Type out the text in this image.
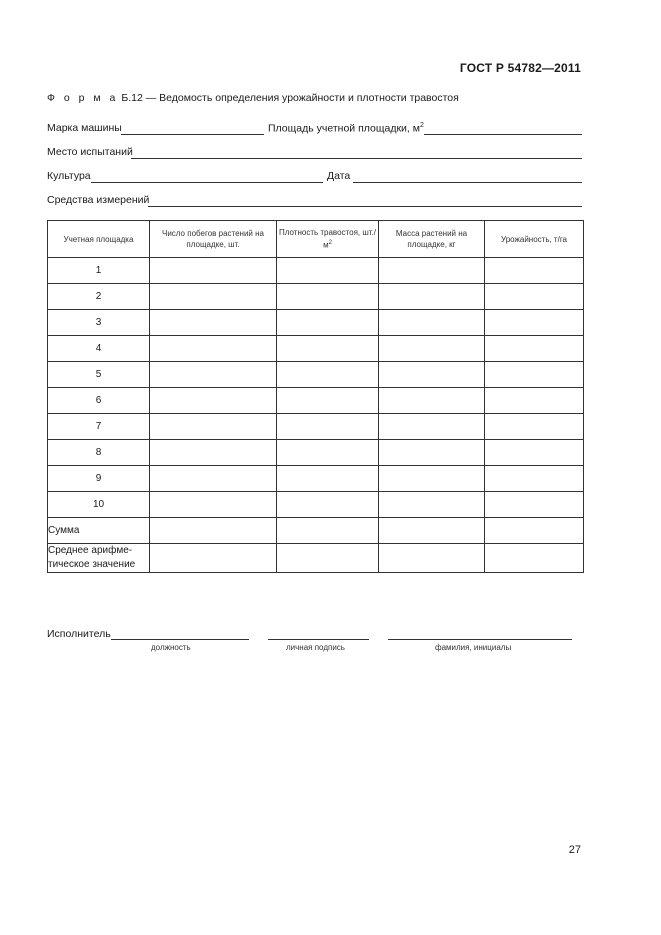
ГОСТ Р 54782—2011
Ф о р м а Б.12 — Ведомость определения урожайности и плотности травостоя
Марка машины	Площадь учетной площадки, $м^2$
Место испытаний
Культура	Дата
Средства измерений
Учетная площадка	Число побегов растений на площадке, шт.	Плотность травостоя, $шт./м^2$	Масса растений на площадке, кг	Урожайность, т/га
1				
2				
3				
4				
5				
6				
7				
8				
9				
10				
Сумма				

Среднее арифме-
тическое значение				

Исполнитель
должность	личная подпись	фамилия, инициалы
27
